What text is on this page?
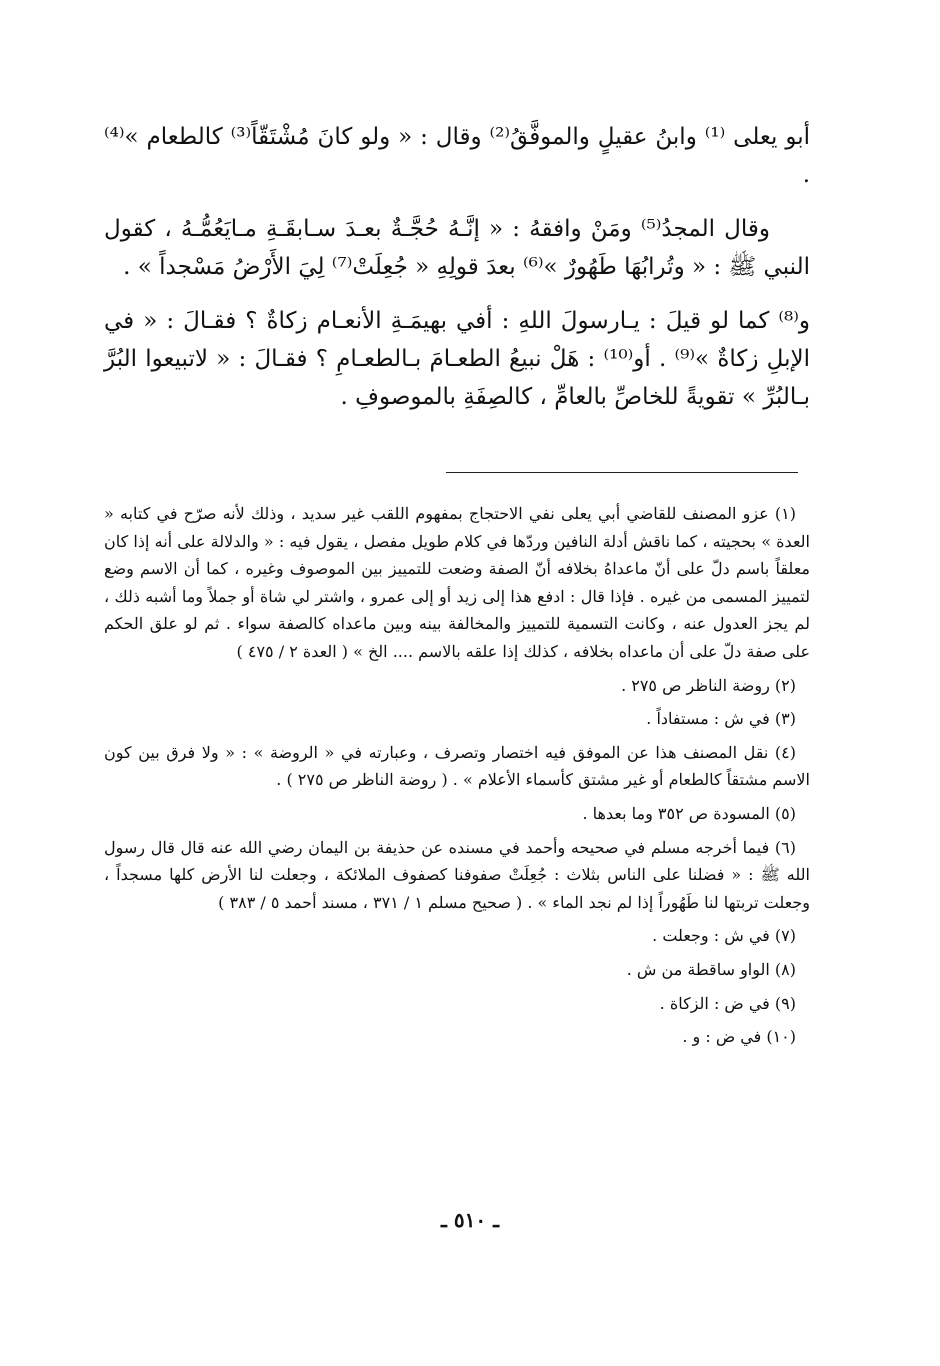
أبو يعلى ⁽¹⁾ وابنُ عقيلٍ والموفَّقُ⁽²⁾ وقال : « ولو كانَ مُشْتَقّاً⁽³⁾ كالطعام »⁽⁴⁾ .

وقال المجدُ⁽⁵⁾ ومَنْ وافقهُ : « إنَّـهُ حُجَّـةٌ بعـدَ سـابقَـةِ مـايَعُمُّـهُ ، كقول النبي ﷺ : « وتُرابُهَا طَهُورٌ »⁽⁶⁾ بعدَ قولِهِ « جُعِلَتْ⁽⁷⁾ لِيَ الأَرْضُ مَسْجداً » .

و⁽⁸⁾ كما لو قيلَ : يـارسولَ اللهِ : أفي بهيمَـةِ الأنعـام زكاةٌ ؟ فقـالَ : « في الإبلِ زكاةٌ »⁽⁹⁾ . أو⁽¹⁰⁾ : هَلْ نبيعُ الطعـامَ بـالطعـامِ ؟ فقـالَ : « لاتبيعوا البُرَّ بـالبُرِّ » تقويةً للخاصِّ بالعامِّ ، كالصِفَةِ بالموصوفِ .

(١) عزو المصنف للقاضي أبي يعلى نفي الاحتجاج بمفهوم اللقب غير سديد ، وذلك لأنه صرّح في كتابه « العدة » بحجيته ، كما ناقش أدلة النافين وردّها في كلام طويل مفصل ، يقول فيه : « والدلالة على أنه إذا كان معلقاً باسم دلّ على أنّ ماعداهُ بخلافه أنّ الصفة وضعت للتمييز بين الموصوف وغيره ، كما أن الاسم وضع لتمييز المسمى من غيره . فإذا قال : ادفع هذا إلى زيد أو إلى عمرو ، واشتر لي شاة أو جملاً وما أشبه ذلك ، لم يجز العدول عنه ، وكانت التسمية للتمييز والمخالفة بينه وبين ماعداه كالصفة سواء . ثم لو علق الحكم على صفة دلّ على أن ماعداه بخلافه ، كذلك إذا علقه بالاسم .... الخ » ( العدة ٢ / ٤٧٥ )

(٢) روضة الناظر ص ٢٧٥ .

(٣) في ش : مستفاداً .

(٤) نقل المصنف هذا عن الموفق فيه اختصار وتصرف ، وعبارته في « الروضة » : « ولا فرق بين كون الاسم مشتقاً كالطعام أو غير مشتق كأسماء الأعلام » . ( روضة الناظر ص ٢٧٥ ) .

(٥) المسودة ص ٣٥٢ وما بعدها .

(٦) فيما أخرجه مسلم في صحيحه وأحمد في مسنده عن حذيفة بن اليمان رضي الله عنه قال قال رسول الله ﷺ : « فضلنا على الناس بثلاث : جُعِلَتْ صفوفنا كصفوف الملائكة ، وجعلت لنا الأرض كلها مسجداً ، وجعلت تربتها لنا طَهُوراً إذا لم نجد الماء » . ( صحيح مسلم ١ / ٣٧١ ، مسند أحمد ٥ / ٣٨٣ )

(٧) في ش : وجعلت .

(٨) الواو ساقطة من ش .

(٩) في ض : الزكاة .

(١٠) في ض : و .

ـ ٥١٠ ـ
